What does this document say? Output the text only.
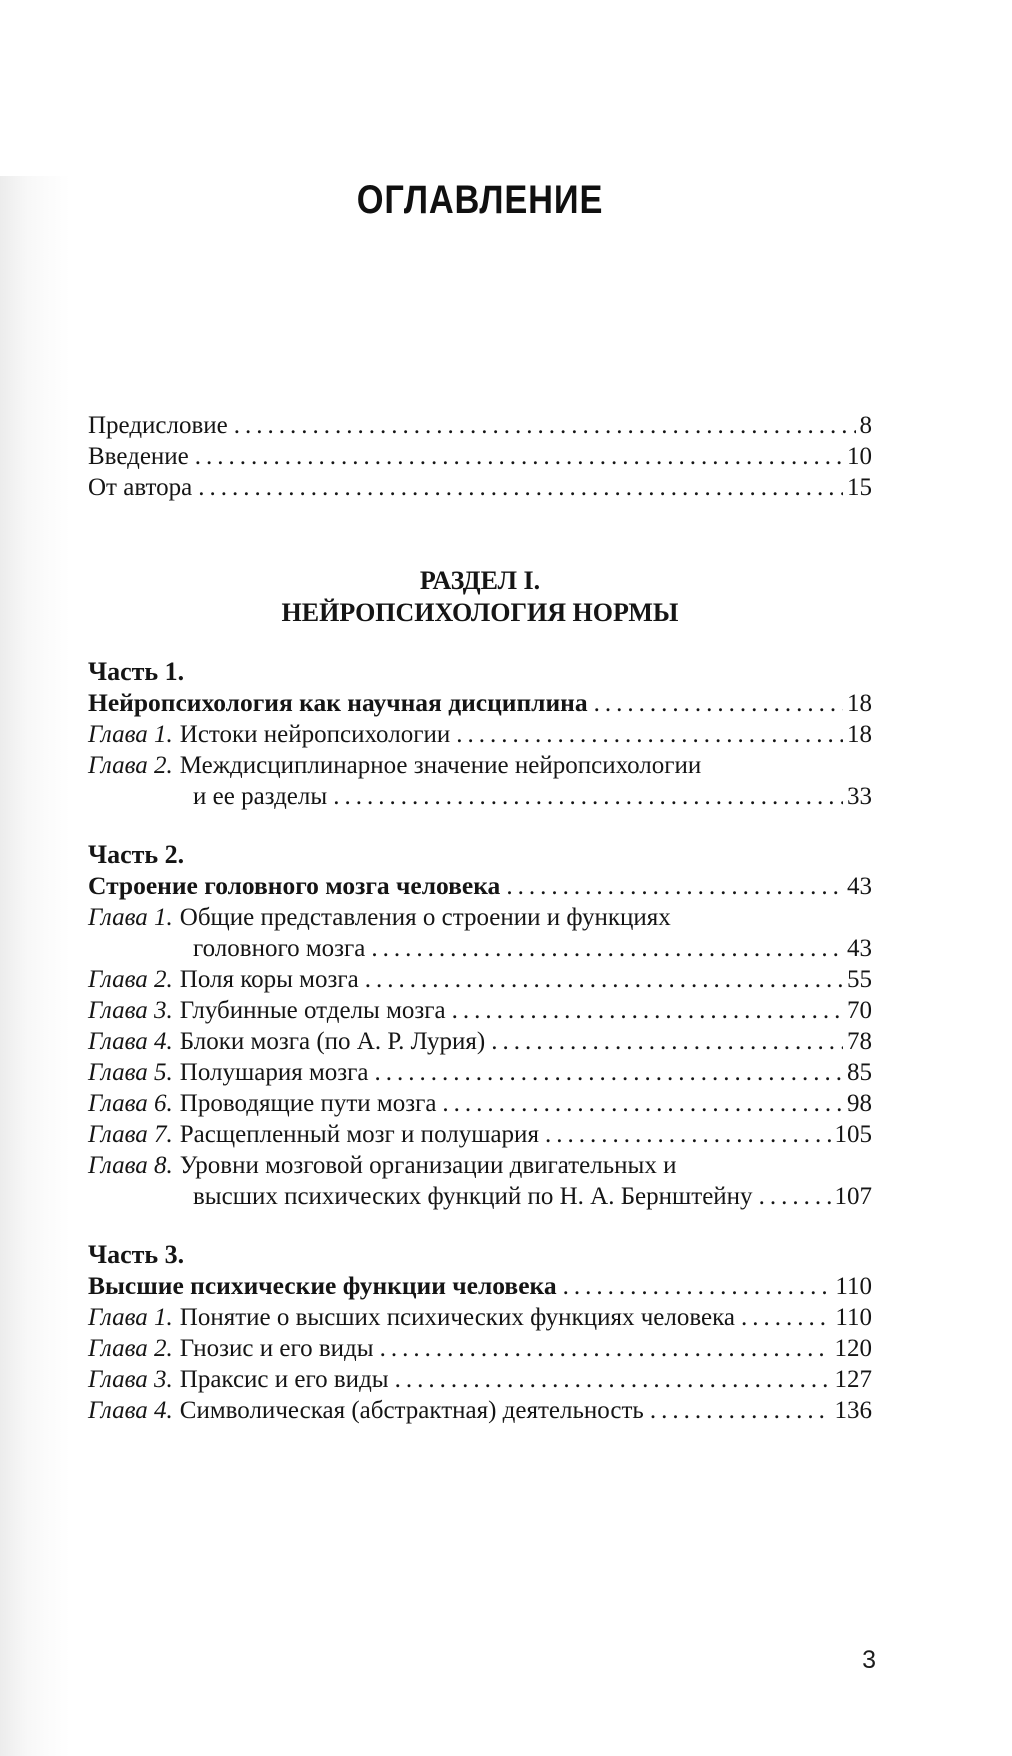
ОГЛАВЛЕНИЕ
Предисловие .....	8
Введение .....	10
От автора .....	15
РАЗДЕЛ I.
НЕЙРОПСИХОЛОГИЯ НОРМЫ
Часть 1.
Нейропсихология как научная дисциплина .....	18
Глава 1. Истоки нейропсихологии .....	18
Глава 2. Междисциплинарное значение нейропсихологии
и ее разделы .....	33
Часть 2.
Строение головного мозга человека .....	43
Глава 1. Общие представления о строении и функциях
головного мозга .....	43
Глава 2. Поля коры мозга .....	55
Глава 3. Глубинные отделы мозга .....	70
Глава 4. Блоки мозга (по А. Р. Лурия) .....	78
Глава 5. Полушария мозга .....	85
Глава 6. Проводящие пути мозга .....	98
Глава 7. Расщепленный мозг и полушария .....	105
Глава 8. Уровни мозговой организации двигательных и
высших психических функций по Н. А. Бернштейну .....	107
Часть 3.
Высшие психические функции человека .....	110
Глава 1. Понятие о высших психических функциях человека .....	110
Глава 2. Гнозис и его виды .....	120
Глава 3. Праксис и его виды .....	127
Глава 4. Символическая (абстрактная) деятельность .....	136
3
